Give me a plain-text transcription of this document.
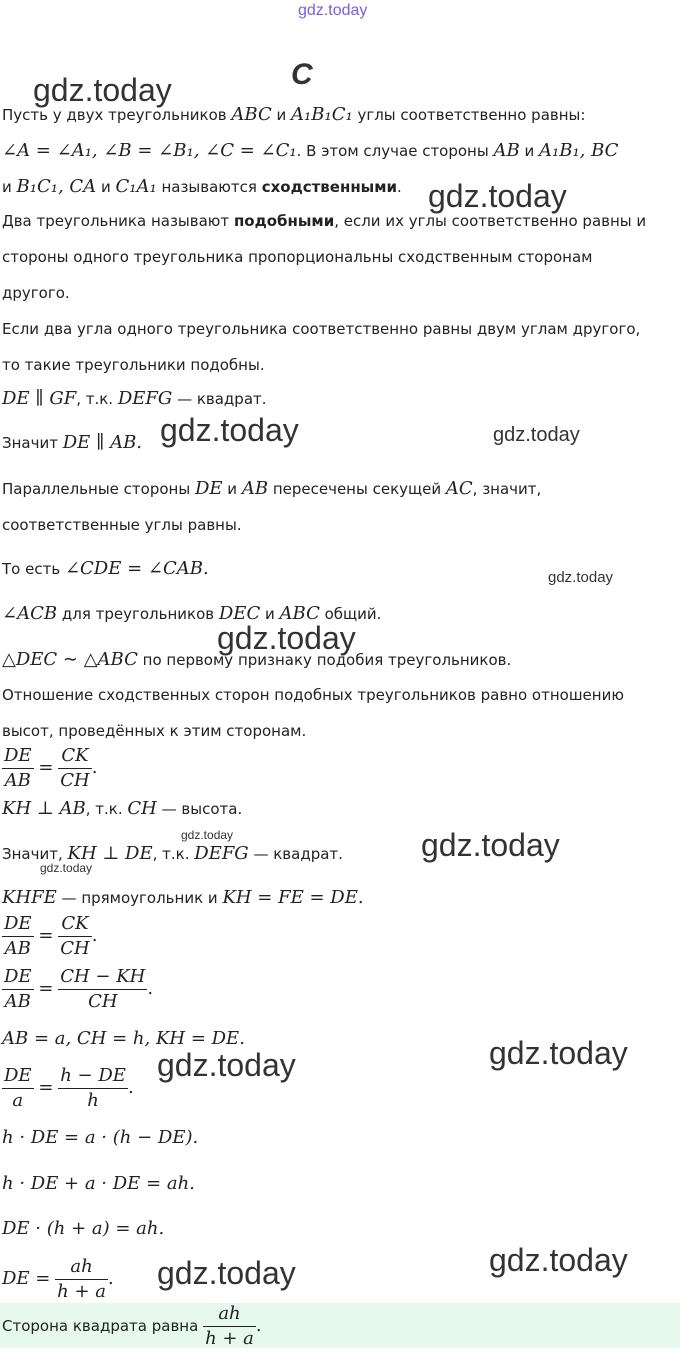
gdz.today
C
gdz.today
gdz.today
gdz.today	gdz.today
gdz.today
gdz.today
gdz.today
gdz.today
gdz.today
gdz.today
gdz.today
gdz.today
gdz.today
Пусть у двух треугольников ABC и A₁B₁C₁ углы соответственно равны:
∠A = ∠A₁, ∠B = ∠B₁, ∠C = ∠C₁. В этом случае стороны AB и A₁B₁, BC
и B₁C₁, CA и C₁A₁ называются сходственными.
Два треугольника называют подобными, если их углы соответственно равны и
стороны одного треугольника пропорциональны сходственным сторонам
другого.
Если два угла одного треугольника соответственно равны двум углам другого,
то такие треугольники подобны.
DE ∥ GF, т.к. DEFG — квадрат.
Значит DE ∥ AB.
Параллельные стороны DE и AB пересечены секущей AC, значит,
соответственные углы равны.
То есть ∠CDE = ∠CAB.
∠ACB для треугольников DEC и ABC общий.
△DEC ∼ △ABC по первому признаку подобия треугольников.
Отношение сходственных сторон подобных треугольников равно отношению
высот, проведённых к этим сторонам.
$\frac{DE}{AB} = \frac{CK}{CH}$ .
KH ⊥ AB, т.к. CH — высота.
Значит, KH ⊥ DE, т.к. DEFG — квадрат.
KHFE — прямоугольник и KH = FE = DE.
$\frac{DE}{AB} = \frac{CK}{CH}$ .
$\frac{DE}{AB} = \frac{CH - KH}{CH}$ .
AB = a, CH = h, KH = DE.
$\frac{DE}{a} = \frac{h - DE}{h}$ .
h · DE = a · (h − DE).
h · DE + a · DE = ah.
DE · (h + a) = ah.
DE = $\frac{ah}{h + a}$ .
Сторона квадрата равна $\frac{ah}{h + a}$ .
